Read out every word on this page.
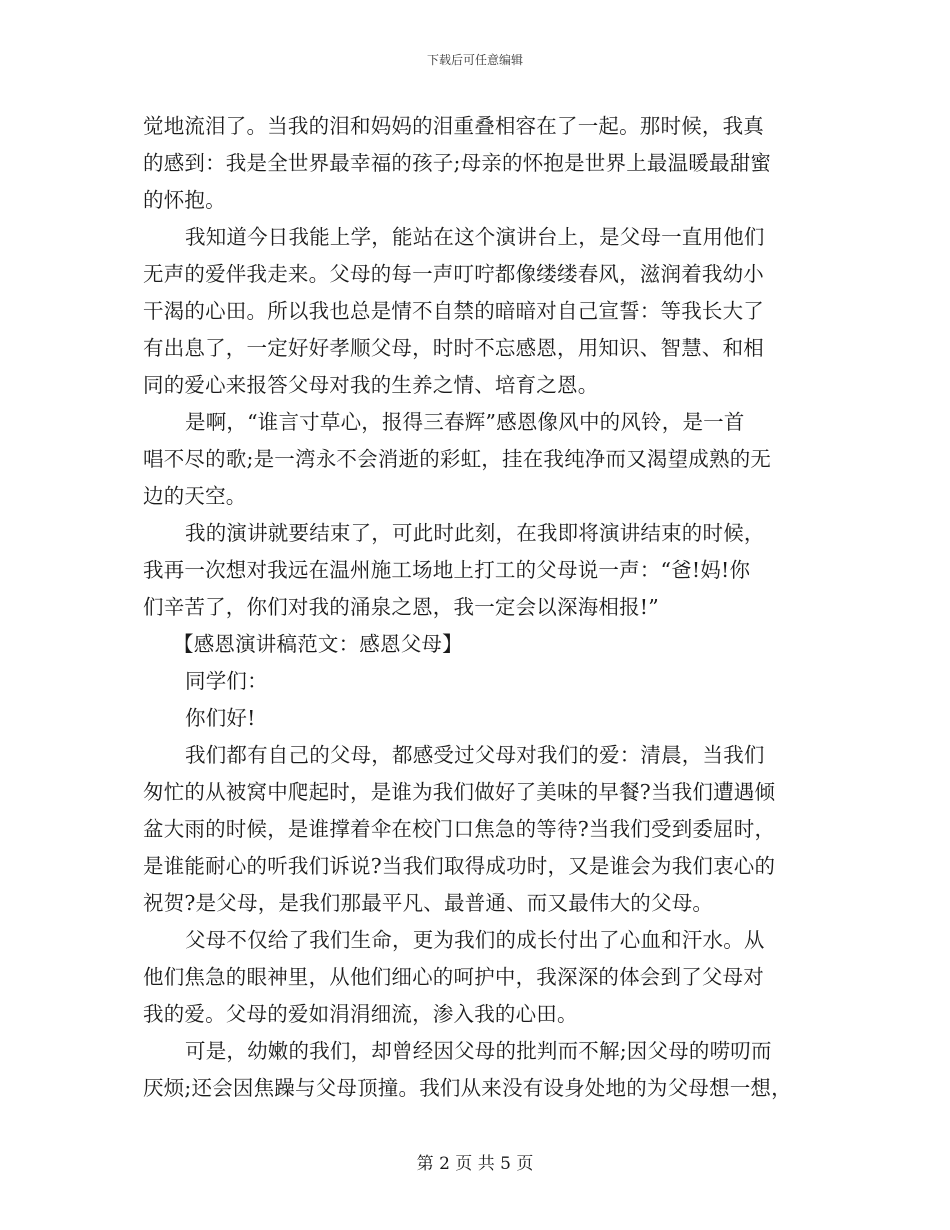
下载后可任意编辑
觉地流泪了。当我的泪和妈妈的泪重叠相容在了一起。那时候，我真
的感到：我是全世界最幸福的孩子;母亲的怀抱是世界上最温暖最甜蜜
的怀抱。
我知道今日我能上学，能站在这个演讲台上，是父母一直用他们
无声的爱伴我走来。父母的每一声叮咛都像缕缕春风，滋润着我幼小
干渴的心田。所以我也总是情不自禁的暗暗对自己宣誓：等我长大了
有出息了，一定好好孝顺父母，时时不忘感恩，用知识、智慧、和相
同的爱心来报答父母对我的生养之情、培育之恩。
是啊，“谁言寸草心，报得三春辉”感恩像风中的风铃，是一首
唱不尽的歌;是一湾永不会消逝的彩虹，挂在我纯净而又渴望成熟的无
边的天空。
我的演讲就要结束了，可此时此刻，在我即将演讲结束的时候，
我再一次想对我远在温州施工场地上打工的父母说一声：“爸!妈!你
们辛苦了，你们对我的涌泉之恩，我一定会以深海相报!”
【感恩演讲稿范文：感恩父母】
同学们：
你们好!
我们都有自己的父母，都感受过父母对我们的爱：清晨，当我们
匆忙的从被窝中爬起时，是谁为我们做好了美味的早餐?当我们遭遇倾
盆大雨的时候，是谁撑着伞在校门口焦急的等待?当我们受到委屈时，
是谁能耐心的听我们诉说?当我们取得成功时，又是谁会为我们衷心的
祝贺?是父母，是我们那最平凡、最普通、而又最伟大的父母。
父母不仅给了我们生命，更为我们的成长付出了心血和汗水。从
他们焦急的眼神里，从他们细心的呵护中，我深深的体会到了父母对
我的爱。父母的爱如涓涓细流，渗入我的心田。
可是，幼嫩的我们，却曾经因父母的批判而不解;因父母的唠叨而
厌烦;还会因焦躁与父母顶撞。我们从来没有设身处地的为父母想一想，
第 2 页 共 5 页
